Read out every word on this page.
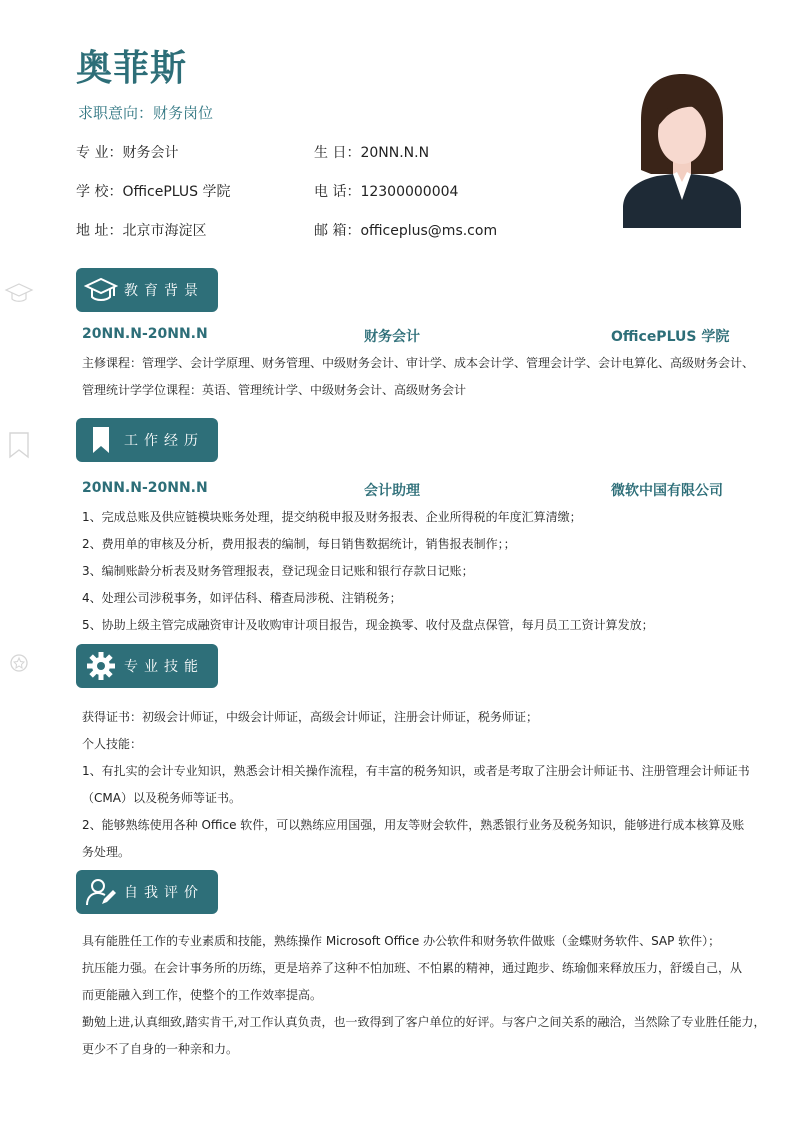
奥菲斯
求职意向：财务岗位
专 业：财务会计	生 日：20NN.N.N
学 校：OfficePLUS 学院	电 话：12300000004
地 址：北京市海淀区	邮 箱：officeplus@ms.com
教育背景
20NN.N-20NN.N	财务会计	OfficePLUS 学院
主修课程：管理学、会计学原理、财务管理、中级财务会计、审计学、成本会计学、管理会计学、会计电算化、高级财务会计、
管理统计学学位课程：英语、管理统计学、中级财务会计、高级财务会计
工作经历
20NN.N-20NN.N	会计助理	微软中国有限公司
1、完成总账及供应链模块账务处理，提交纳税申报及财务报表、企业所得税的年度汇算清缴；
2、费用单的审核及分析，费用报表的编制，每日销售数据统计，销售报表制作；；
3、编制账龄分析表及财务管理报表，登记现金日记账和银行存款日记账；
4、处理公司涉税事务，如评估科、稽查局涉税、注销税务；
5、协助上级主管完成融资审计及收购审计项目报告，现金换零、收付及盘点保管，每月员工工资计算发放；
专业技能
获得证书：初级会计师证，中级会计师证，高级会计师证，注册会计师证，税务师证；
个人技能：
1、有扎实的会计专业知识，熟悉会计相关操作流程，有丰富的税务知识，或者是考取了注册会计师证书、注册管理会计师证书
（CMA）以及税务师等证书。
2、能够熟练使用各种 Office 软件，可以熟练应用国强，用友等财会软件，熟悉银行业务及税务知识，能够进行成本核算及账
务处理。
自我评价
具有能胜任工作的专业素质和技能，熟练操作 Microsoft Office 办公软件和财务软件做账（金蝶财务软件、SAP 软件）；
抗压能力强。在会计事务所的历练，更是培养了这种不怕加班、不怕累的精神，通过跑步、练瑜伽来释放压力，舒缓自己，从
而更能融入到工作，使整个的工作效率提高。
勤勉上进,认真细致,踏实肯干,对工作认真负责，也一致得到了客户单位的好评。与客户之间关系的融洽，当然除了专业胜任能力，
更少不了自身的一种亲和力。
